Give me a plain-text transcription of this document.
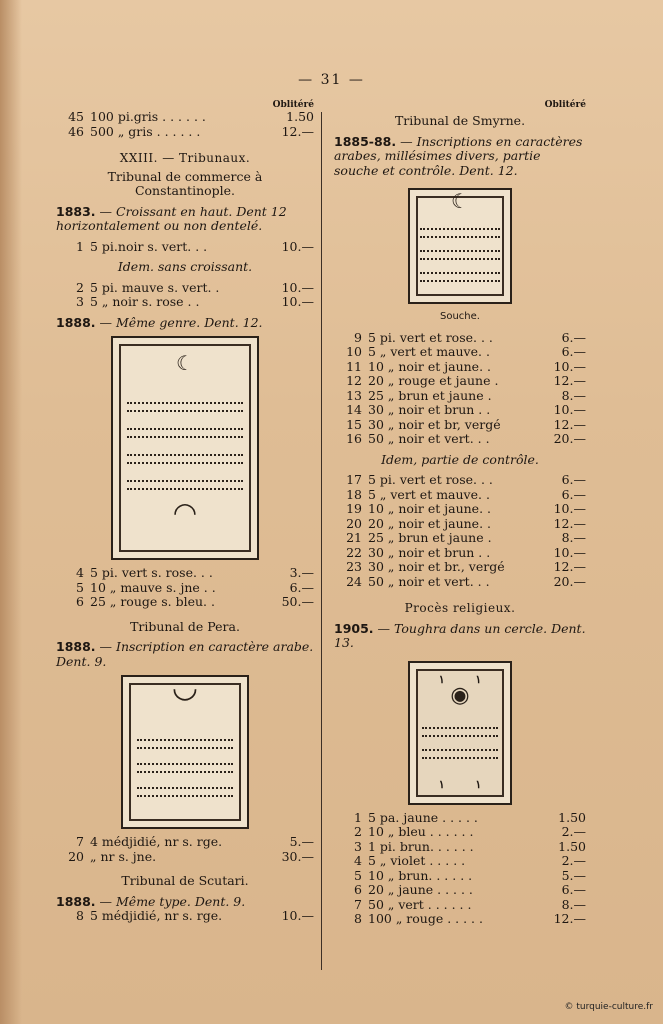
— 31 —
Oblitéré
45 100 pi.gris . . . . . .	1.50
46 500 „ gris . . . . . .	12.—
XXIII. — Tribunaux.
Tribunal de commerce à Constantinople.
1883. — Croissant en haut. Dent 12 horizontalement ou non dentelé.
1 5 pi.noir s. vert. . .	10.—
Idem. sans croissant.
2 5 pi. mauve s. vert. .	10.—
3 5 „ noir s. rose . .	10.—
1888. — Même genre. Dent. 12.
☾
◠
4 5 pi. vert s. rose. . .	3.—
5 10 „ mauve s. jne . .	6.—
6 25 „ rouge s. bleu. .	50.—
Tribunal de Pera.
1888. — Inscription en caractère arabe. Dent. 9.
◡
7 4 médjidié, nr s. rge.	5.—
20 „ nr s. jne.	30.—
Tribunal de Scutari.
1888. — Même type. Dent. 9.
8 5 médjidié, nr s. rge.	10.—
Oblitéré
Tribunal de Smyrne.
1885-88. — Inscriptions en caractères arabes, millésimes divers, partie souche et contrôle. Dent. 12.
☾
Souche.
9 5 pi. vert et rose. . .	6.—
10 5 „ vert et mauve. .	6.—
11 10 „ noir et jaune. .	10.—
12 20 „ rouge et jaune .	12.—
13 25 „ brun et jaune .	8.—
14 30 „ noir et brun . .	10.—
15 30 „ noir et br, vergé	12.—
16 50 „ noir et vert. . .	20.—
Idem, partie de contrôle.
17 5 pi. vert et rose. . .	6.—
18 5 „ vert et mauve. .	6.—
19 10 „ noir et jaune. .	10.—
20 20 „ noir et jaune. .	12.—
21 25 „ brun et jaune .	8.—
22 30 „ noir et brun . .	10.—
23 30 „ noir et br., vergé	12.—
24 50 „ noir et vert. . .	20.—
Procès religieux.
1905. — Toughra dans un cercle. Dent. 13.
١        ١
◉
١        ١
1 5 pa. jaune . . . . .	1.50
2 10 „ bleu . . . . . .	2.—
3 1 pi. brun. . . . . .	1.50
4 5 „ violet . . . . .	2.—
5 10 „ brun. . . . . .	5.—
6 20 „ jaune . . . . .	6.—
7 50 „ vert . . . . . .	8.—
8 100 „ rouge . . . . .	12.—
© turquie-culture.fr
